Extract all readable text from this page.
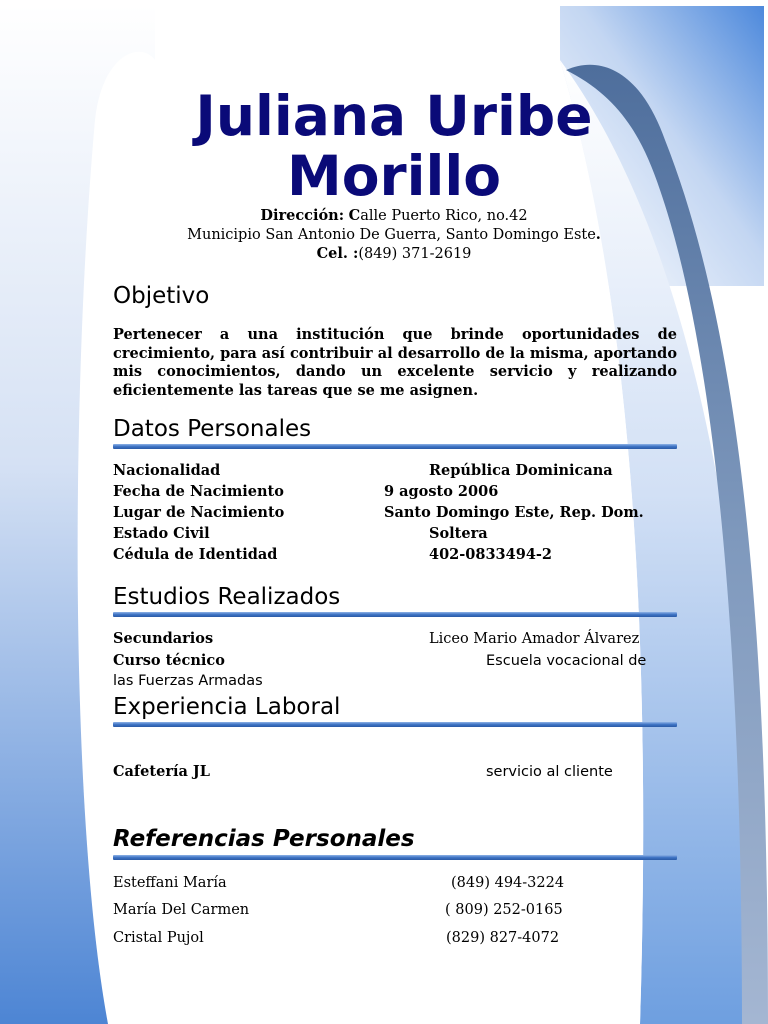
Juliana Uribe
Morillo
Dirección: Calle Puerto Rico, no.42
Municipio San Antonio De Guerra, Santo Domingo Este.
Cel. :(849) 371-2619
Objetivo
Pertenecer a una institución que brinde oportunidades de crecimiento, para así contribuir al desarrollo de la misma, aportando mis conocimientos, dando un excelente servicio y realizando eficientemente las tareas que se me asignen.
Datos Personales
Nacionalidad	República Dominicana
Fecha de Nacimiento	9 agosto 2006
Lugar de Nacimiento	Santo Domingo Este, Rep. Dom.
Estado Civil	Soltera
Cédula de Identidad	402-0833494-2
Estudios Realizados
Secundarios	Liceo Mario Amador Álvarez
Curso técnico	Escuela vocacional de
las Fuerzas Armadas
Experiencia Laboral
Cafetería JL	servicio al cliente
Referencias Personales
Esteffani María	(849) 494-3224
María Del Carmen	( 809) 252-0165
Cristal Pujol	(829) 827-4072
